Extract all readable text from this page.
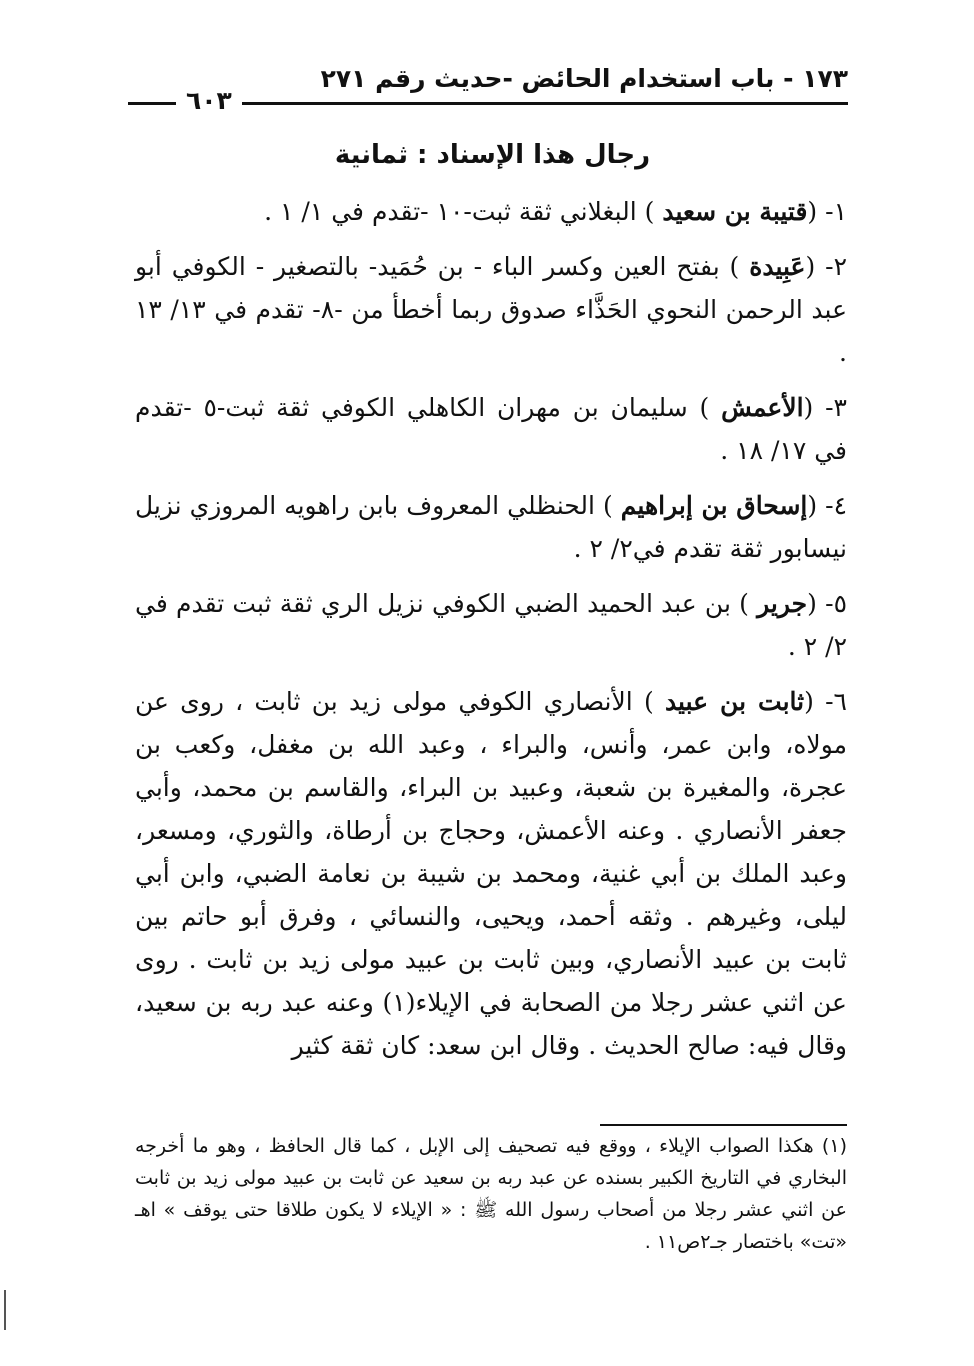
١٧٣ - باب استخدام الحائض -حديث رقم ٢٧١
٦٠٣
رجال هذا الإسناد : ثمانية

١- (قتيبة بن سعيد ) البغلاني ثقة ثبت-١٠ -تقدم في ١/ ١ .

٢- (عَبِيدة ) بفتح العين وكسر الباء - بن حُمَيد- بالتصغير - الكوفي أبو عبد الرحمن النحوي الحَذَّاء صدوق ربما أخطأ من -٨- تقدم في ١٣/ ١٣ .

٣- (الأعمش ) سليمان بن مهران الكاهلي الكوفي ثقة ثبت-٥ -تقدم في ١٧/ ١٨ .

٤- (إسحاق بن إبراهيم ) الحنظلي المعروف بابن راهويه المروزي نزيل نيسابور ثقة تقدم في٢/ ٢ .

٥- (جرير ) بن عبد الحميد الضبي الكوفي نزيل الري ثقة ثبت تقدم في ٢/ ٢ .

٦- (ثابت بن عبيد ) الأنصاري الكوفي مولى زيد بن ثابت ، روى عن مولاه، وابن عمر، وأنس، والبراء ، وعبد الله بن مغفل، وكعب بن عجرة، والمغيرة بن شعبة، وعبيد بن البراء، والقاسم بن محمد، وأبي جعفر الأنصاري . وعنه الأعمش، وحجاج بن أرطاة، والثوري، ومسعر، وعبد الملك بن أبي غنية، ومحمد بن شيبة بن نعامة الضبي، وابن أبي ليلى، وغيرهم . وثقه أحمد، ويحيى، والنسائي ، وفرق أبو حاتم بين ثابت بن عبيد الأنصاري، وبين ثابت بن عبيد مولى زيد بن ثابت . روى عن اثني عشر رجلا من الصحابة في الإيلاء(١) وعنه عبد ربه بن سعيد، وقال فيه: صالح الحديث . وقال ابن سعد: كان ثقة كثير

(١) هكذا الصواب الإيلاء ، ووقع فيه تصحيف إلى الإبل ، كما قال الحافظ ، وهو ما أخرجه البخاري في التاريخ الكبير بسنده عن عبد ربه بن سعيد عن ثابت بن عبيد مولى زيد بن ثابت عن اثني عشر رجلا من أصحاب رسول الله ﷺ : « الإيلاء لا يكون طلاقا حتى يوقف » اهـ «تت» باختصار جـ٢ص١١ .
